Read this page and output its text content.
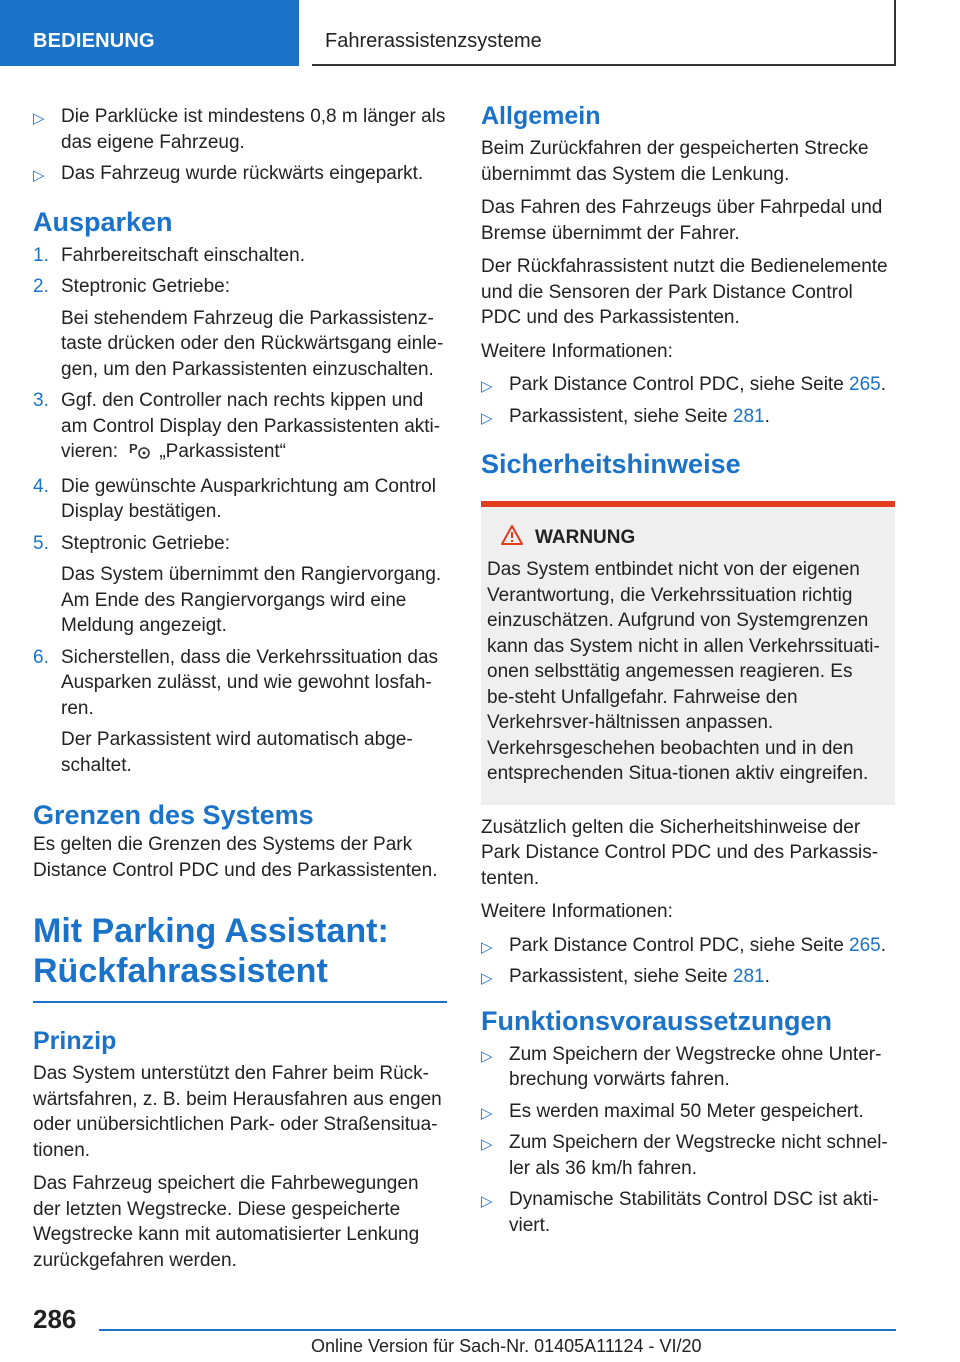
BEDIENUNG	Fahrerassistenzsysteme
▷ Die Parklücke ist mindestens 0,8 m länger als das eigene Fahrzeug.
▷ Das Fahrzeug wurde rückwärts eingeparkt.
Ausparken
1. Fahrbereitschaft einschalten.
2. Steptronic Getriebe:
Bei stehendem Fahrzeug die Parkassistenz-taste drücken oder den Rückwärtsgang einle-gen, um den Parkassistenten einzuschalten.
3. Ggf. den Controller nach rechts kippen und am Control Display den Parkassistenten akti-vieren: P „Parkassistent“
4. Die gewünschte Ausparkrichtung am Control Display bestätigen.
5. Steptronic Getriebe:
Das System übernimmt den Rangiervorgang. Am Ende des Rangiervorgangs wird eine Meldung angezeigt.
6. Sicherstellen, dass die Verkehrssituation das Ausparken zulässt, und wie gewohnt losfah-ren.
Der Parkassistent wird automatisch abge-schaltet.
Grenzen des Systems

Es gelten die Grenzen des Systems der Park Distance Control PDC und des Parkassistenten.

Mit Parking Assistant:
Rückfahrassistent
Prinzip

Das System unterstützt den Fahrer beim Rück-wärtsfahren, z. B. beim Herausfahren aus engen oder unübersichtlichen Park- oder Straßensitua-tionen.

Das Fahrzeug speichert die Fahrbewegungen der letzten Wegstrecke. Diese gespeicherte Wegstrecke kann mit automatisierter Lenkung zurückgefahren werden.

Allgemein

Beim Zurückfahren der gespeicherten Strecke übernimmt das System die Lenkung.

Das Fahren des Fahrzeugs über Fahrpedal und Bremse übernimmt der Fahrer.

Der Rückfahrassistent nutzt die Bedienelemente und die Sensoren der Park Distance Control PDC und des Parkassistenten.

Weitere Informationen:

▷ Park Distance Control PDC, siehe Seite 265.
▷ Parkassistent, siehe Seite 281.
Sicherheitshinweise
WARNUNG

Das System entbindet nicht von der eigenen Verantwortung, die Verkehrssituation richtig einzuschätzen. Aufgrund von Systemgrenzen kann das System nicht in allen Verkehrssituati-onen selbsttätig angemessen reagieren. Es be-steht Unfallgefahr. Fahrweise den Verkehrsver-hältnissen anpassen. Verkehrsgeschehen beobachten und in den entsprechenden Situa-tionen aktiv eingreifen.

Zusätzlich gelten die Sicherheitshinweise der Park Distance Control PDC und des Parkassis-tenten.

Weitere Informationen:

▷ Park Distance Control PDC, siehe Seite 265.
▷ Parkassistent, siehe Seite 281.
Funktionsvoraussetzungen
▷ Zum Speichern der Wegstrecke ohne Unter-brechung vorwärts fahren.
▷ Es werden maximal 50 Meter gespeichert.
▷ Zum Speichern der Wegstrecke nicht schnel-ler als 36 km/h fahren.
▷ Dynamische Stabilitäts Control DSC ist akti-viert.
286
Online Version für Sach-Nr. 01405A11124 - VI/20
